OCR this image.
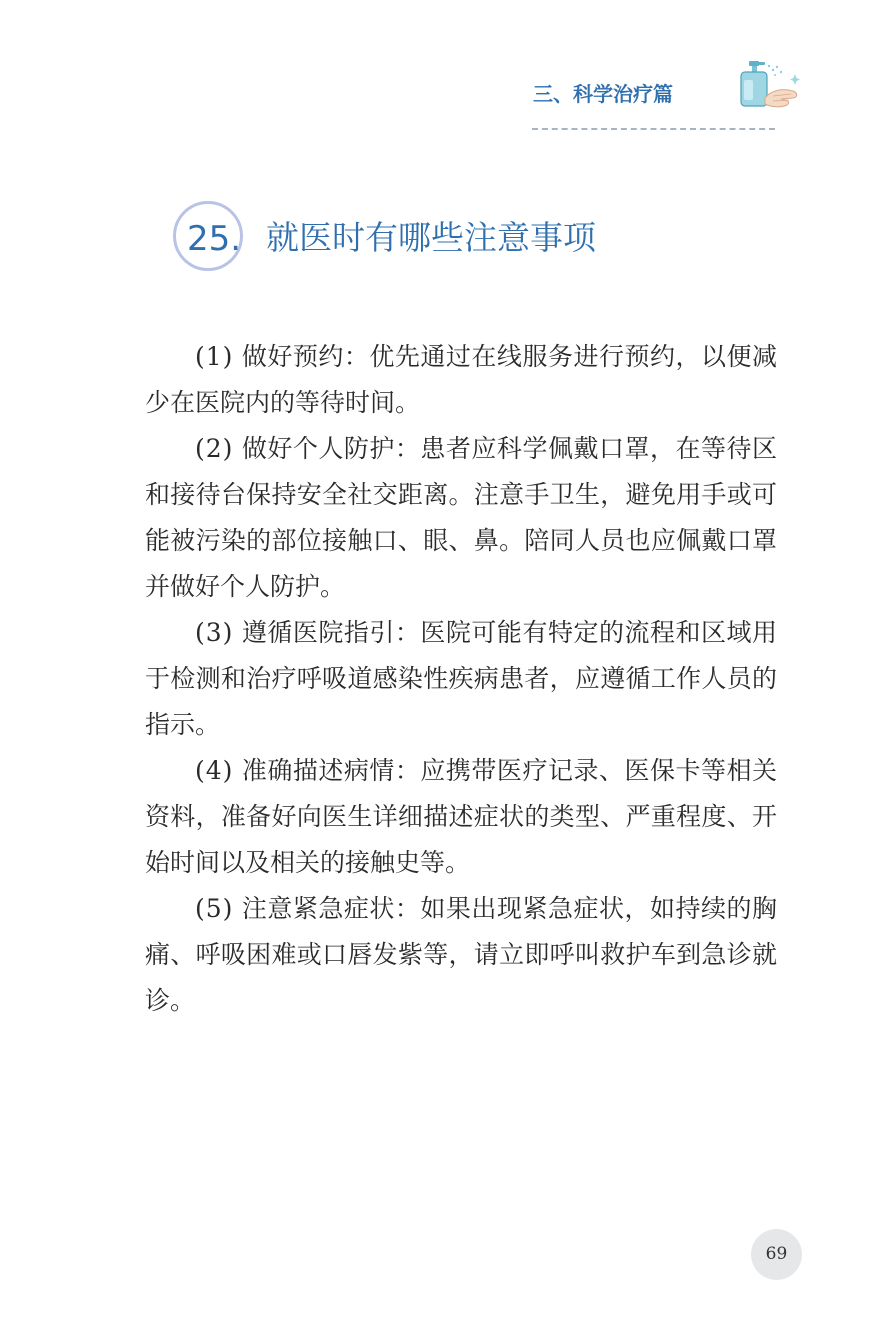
三、科学治疗篇
25. 就医时有哪些注意事项

(1) 做好预约：优先通过在线服务进行预约，以便减少在医院内的等待时间。

(2) 做好个人防护：患者应科学佩戴口罩，在等待区和接待台保持安全社交距离。注意手卫生，避免用手或可能被污染的部位接触口、眼、鼻。陪同人员也应佩戴口罩并做好个人防护。

(3) 遵循医院指引：医院可能有特定的流程和区域用于检测和治疗呼吸道感染性疾病患者，应遵循工作人员的指示。

(4) 准确描述病情：应携带医疗记录、医保卡等相关资料，准备好向医生详细描述症状的类型、严重程度、开始时间以及相关的接触史等。

(5) 注意紧急症状：如果出现紧急症状，如持续的胸痛、呼吸困难或口唇发紫等，请立即呼叫救护车到急诊就诊。

69
